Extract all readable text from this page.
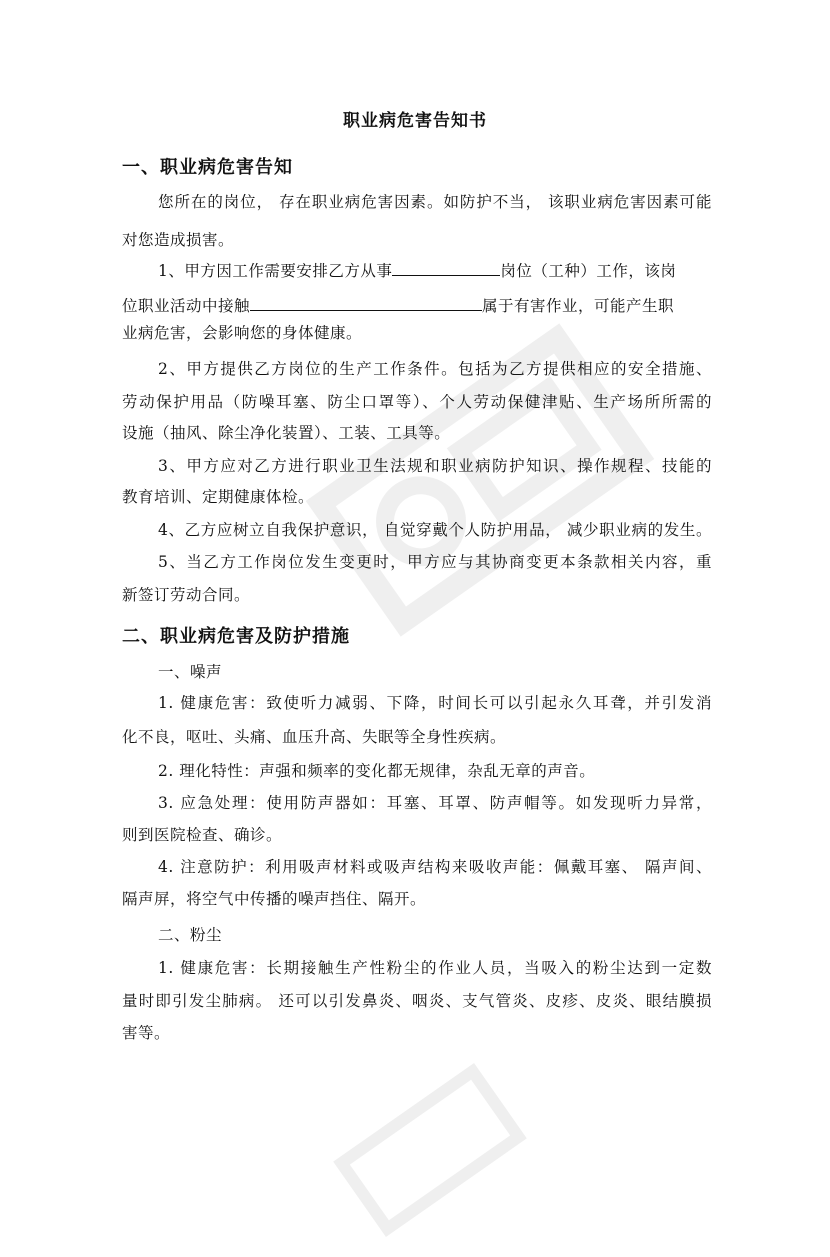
职业病危害告知书
一、职业病危害告知
您所在的岗位， 存在职业病危害因素。如防护不当， 该职业病危害因素可能
对您造成损害。
1、甲方因工作需要安排乙方从事	岗位（工种）工作，该岗
位职业活动中接触	属于有害作业，可能产生职
业病危害，会影响您的身体健康。
2、甲方提供乙方岗位的生产工作条件。包括为乙方提供相应的安全措施、
劳动保护用品（防噪耳塞、防尘口罩等）、个人劳动保健津贴、生产场所所需的
设施（抽风、除尘净化装置）、工装、工具等。
3、甲方应对乙方进行职业卫生法规和职业病防护知识、操作规程、技能的
教育培训、定期健康体检。
4、乙方应树立自我保护意识， 自觉穿戴个人防护用品， 减少职业病的发生。
5、当乙方工作岗位发生变更时，甲方应与其协商变更本条款相关内容，重
新签订劳动合同。
二、职业病危害及防护措施
一、噪声
1. 健康危害：致使听力减弱、下降，时间长可以引起永久耳聋，并引发消
化不良，呕吐、头痛、血压升高、失眠等全身性疾病。
2. 理化特性：声强和频率的变化都无规律，杂乱无章的声音。
3. 应急处理：使用防声器如：耳塞、耳罩、防声帽等。如发现听力异常，
则到医院检查、确诊。
4. 注意防护：利用吸声材料或吸声结构来吸收声能：佩戴耳塞、 隔声间、
隔声屏，将空气中传播的噪声挡住、隔开。
二、粉尘
1. 健康危害：长期接触生产性粉尘的作业人员，当吸入的粉尘达到一定数
量时即引发尘肺病。 还可以引发鼻炎、咽炎、支气管炎、皮疹、皮炎、眼结膜损
害等。
